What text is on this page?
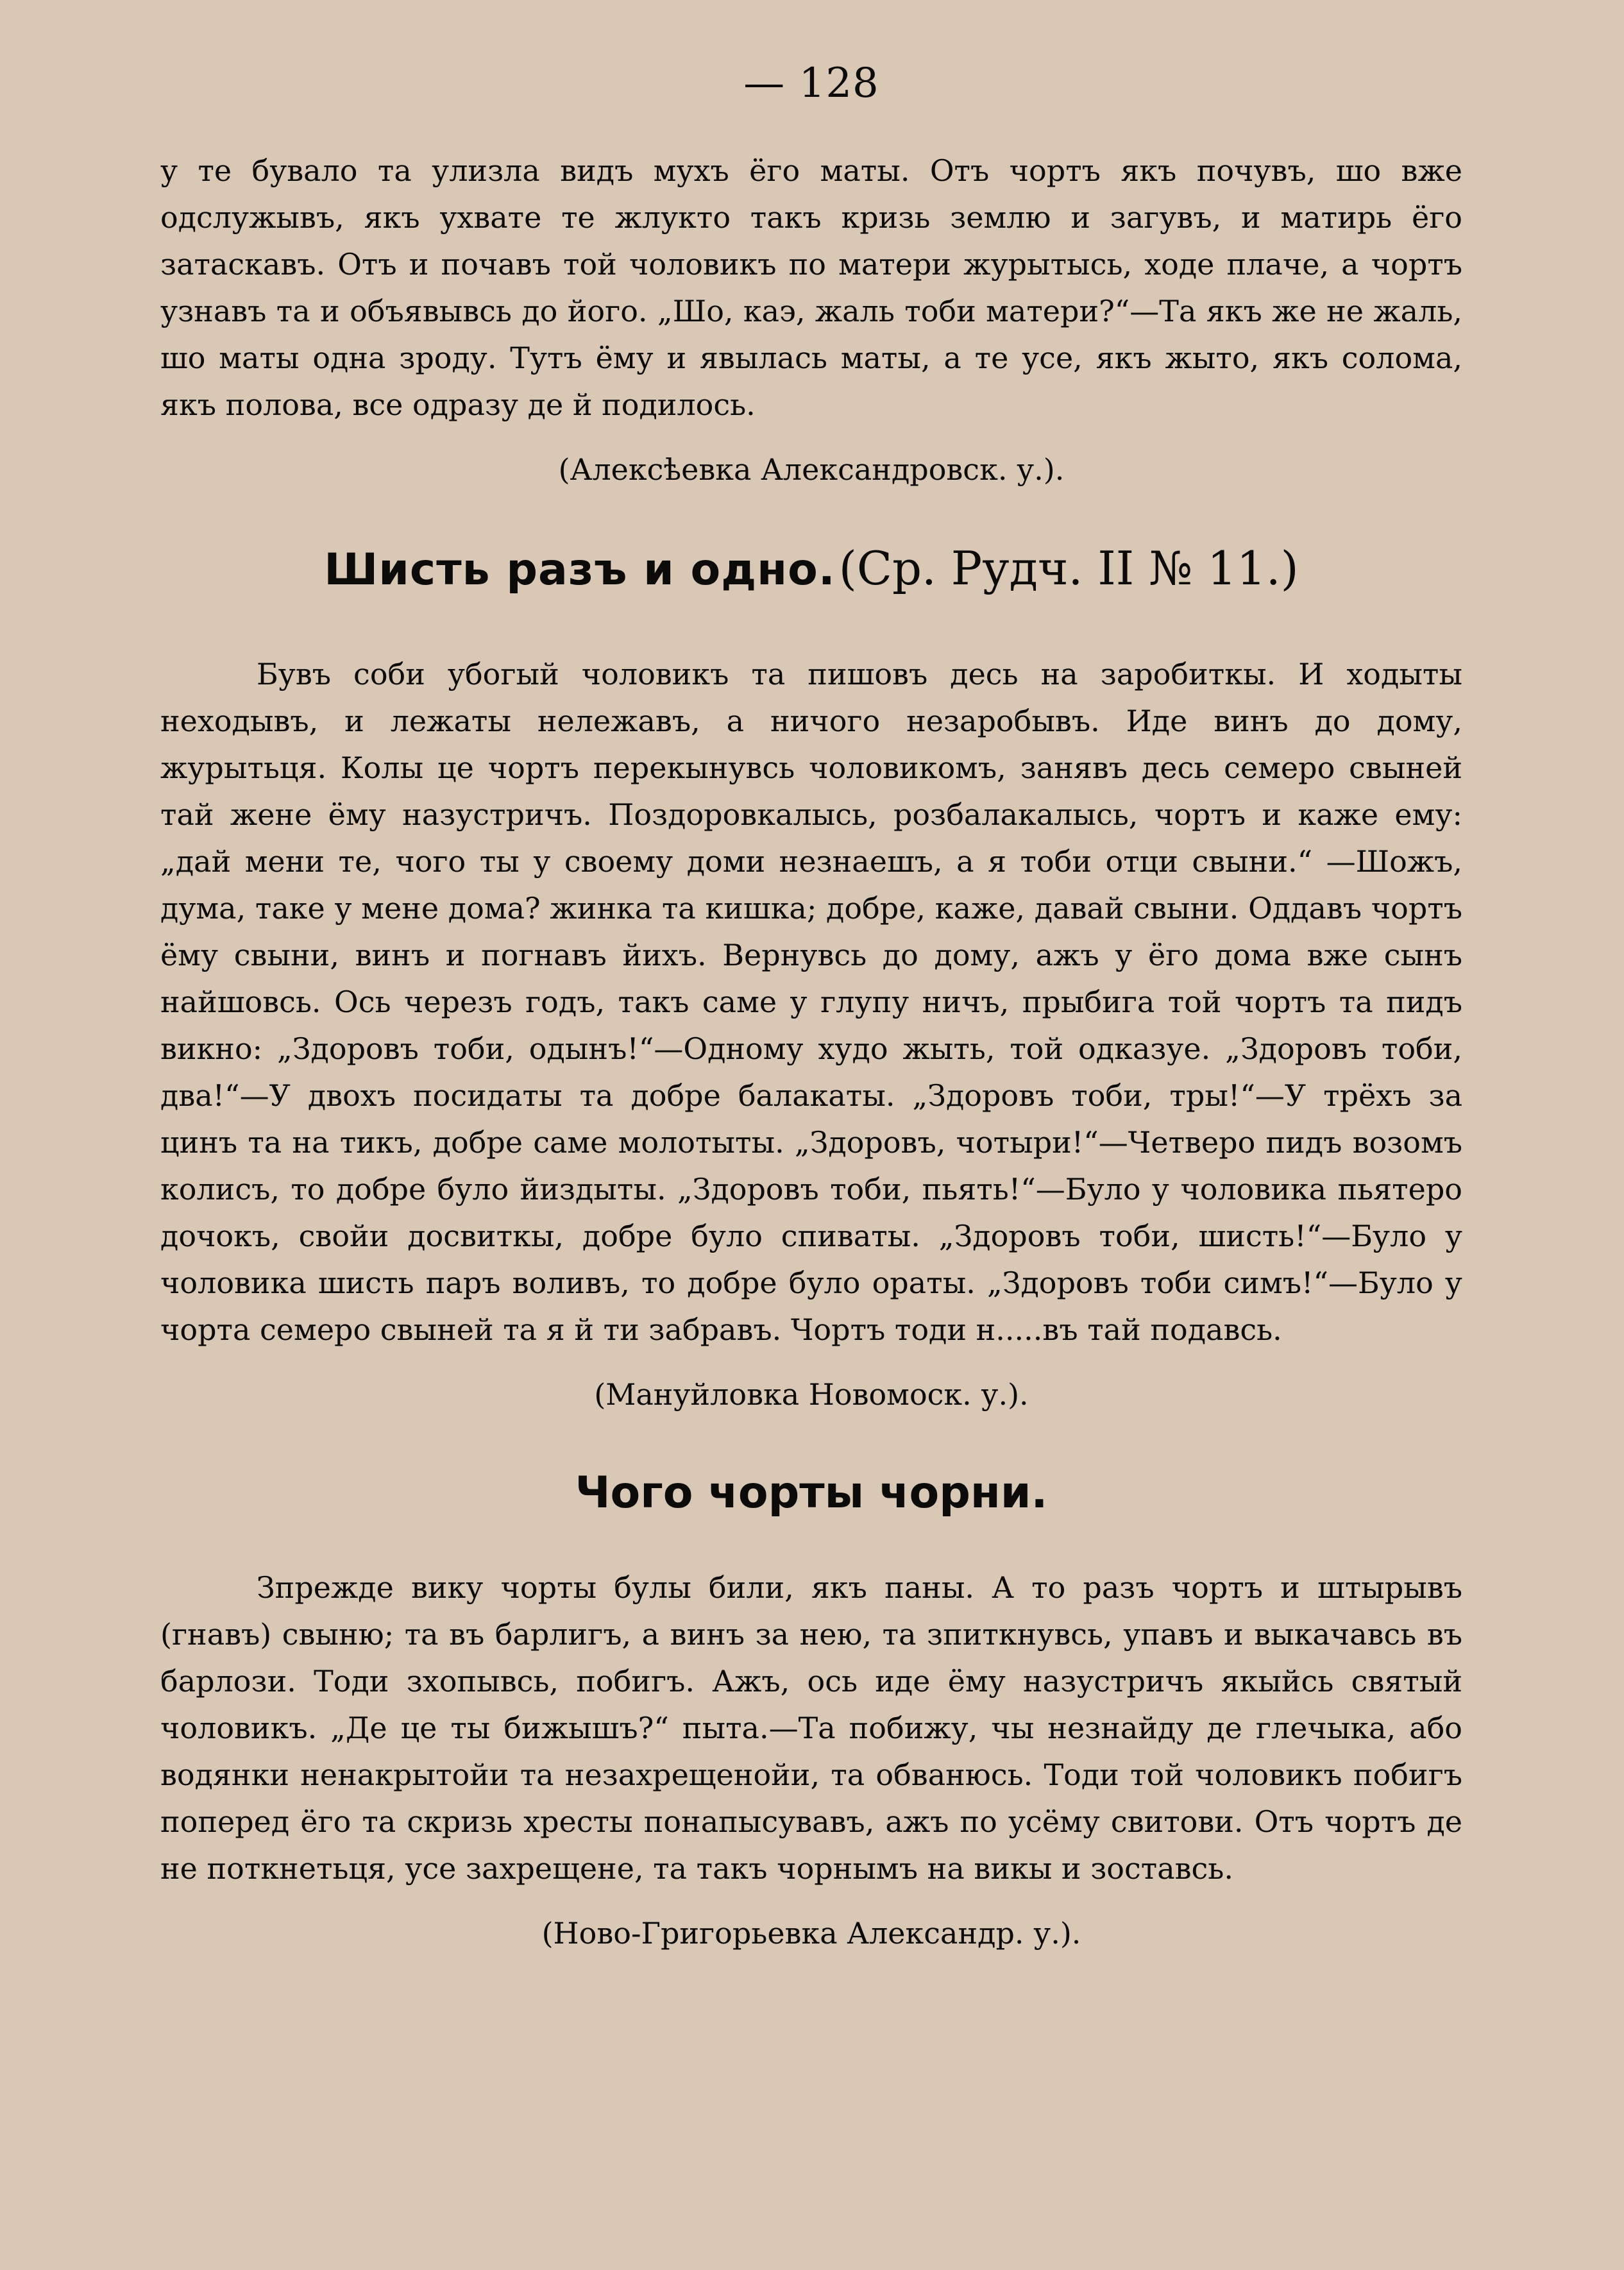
— 128

у те бувало та улизла видъ мухъ ёго маты. Отъ чортъ якъ почувъ, шо вже одслужывъ, якъ ухвате те жлукто такъ кризь землю и загувъ, и матирь ёго затаскавъ. Отъ и почавъ той чоловикъ по матери журытысь, ходе плаче, а чортъ узнавъ та и объявывсь до його. „Шо, каэ, жаль тоби матери?“—Та якъ же не жаль, шо маты одна зроду. Тутъ ёму и явылась маты, а те усе, якъ жыто, якъ солома, якъ полова, все одразу де й подилось.

(Алексѣевка Александровск. у.).
Шисть разъ и одно. (Ср. Рудч. II № 11.)

Бувъ соби убогый чоловикъ та пишовъ десь на заробиткы. И ходыты неходывъ, и лежаты нележавъ, а ничого незаробывъ. Иде винъ до дому, журытьця. Колы це чортъ перекынувсь чоловикомъ, занявъ десь семеро свыней тай жене ёму назустричъ. Поздоровкалысь, розбалакалысь, чортъ и каже ему: „дай мени те, чого ты у своему доми незнаешъ, а я тоби отци свыни.“ —Шожъ, дума, таке у мене дома? жинка та кишка; добре, каже, давай свыни. Оддавъ чортъ ёму свыни, винъ и погнавъ йихъ. Вернувсь до дому, ажъ у ёго дома вже сынъ найшовсь. Ось черезъ годъ, такъ саме у глупу ничъ, прыбига той чортъ та пидъ викно: „Здоровъ тоби, одынъ!“—Одному худо жыть, той одказуе. „Здоровъ тоби, два!“—У двохъ посидаты та добре балакаты. „Здоровъ тоби, тры!“—У трёхъ за цинъ та на тикъ, добре саме молотыты. „Здоровъ, чотыри!“—Четверо пидъ возомъ колисъ, то добре було йиздыты. „Здоровъ тоби, пьять!“—Було у чоловика пьятеро дочокъ, свойи досвиткы, добре було спиваты. „Здоровъ тоби, шисть!“—Було у чоловика шисть паръ воливъ, то добре було ораты. „Здоровъ тоби симъ!“—Було у чорта семеро свыней та я й ти забравъ. Чортъ тоди н.....въ тай подавсь.

(Мануйловка Новомоск. у.).
Чого чорты чорни.

Зпрежде вику чорты булы били, якъ паны. А то разъ чортъ и штырывъ (гнавъ) свыню; та въ барлигъ, а винъ за нею, та зпиткнувсь, упавъ и выкачавсь въ барлози. Тоди зхопывсь, побигъ. Ажъ, ось иде ёму назустричъ якыйсь святый чоловикъ. „Де це ты бижышъ?“ пыта.—Та побижу, чы незнайду де глечыка, або водянки ненакрытойи та незахрещенойи, та обванюсь. Тоди той чоловикъ побигъ поперед ёго та скризь хресты понапысувавъ, ажъ по усёму свитови. Отъ чортъ де не поткнетьця, усе захрещене, та такъ чорнымъ на викы и зоставсь.

(Ново-Григорьевка Александр. у.).
